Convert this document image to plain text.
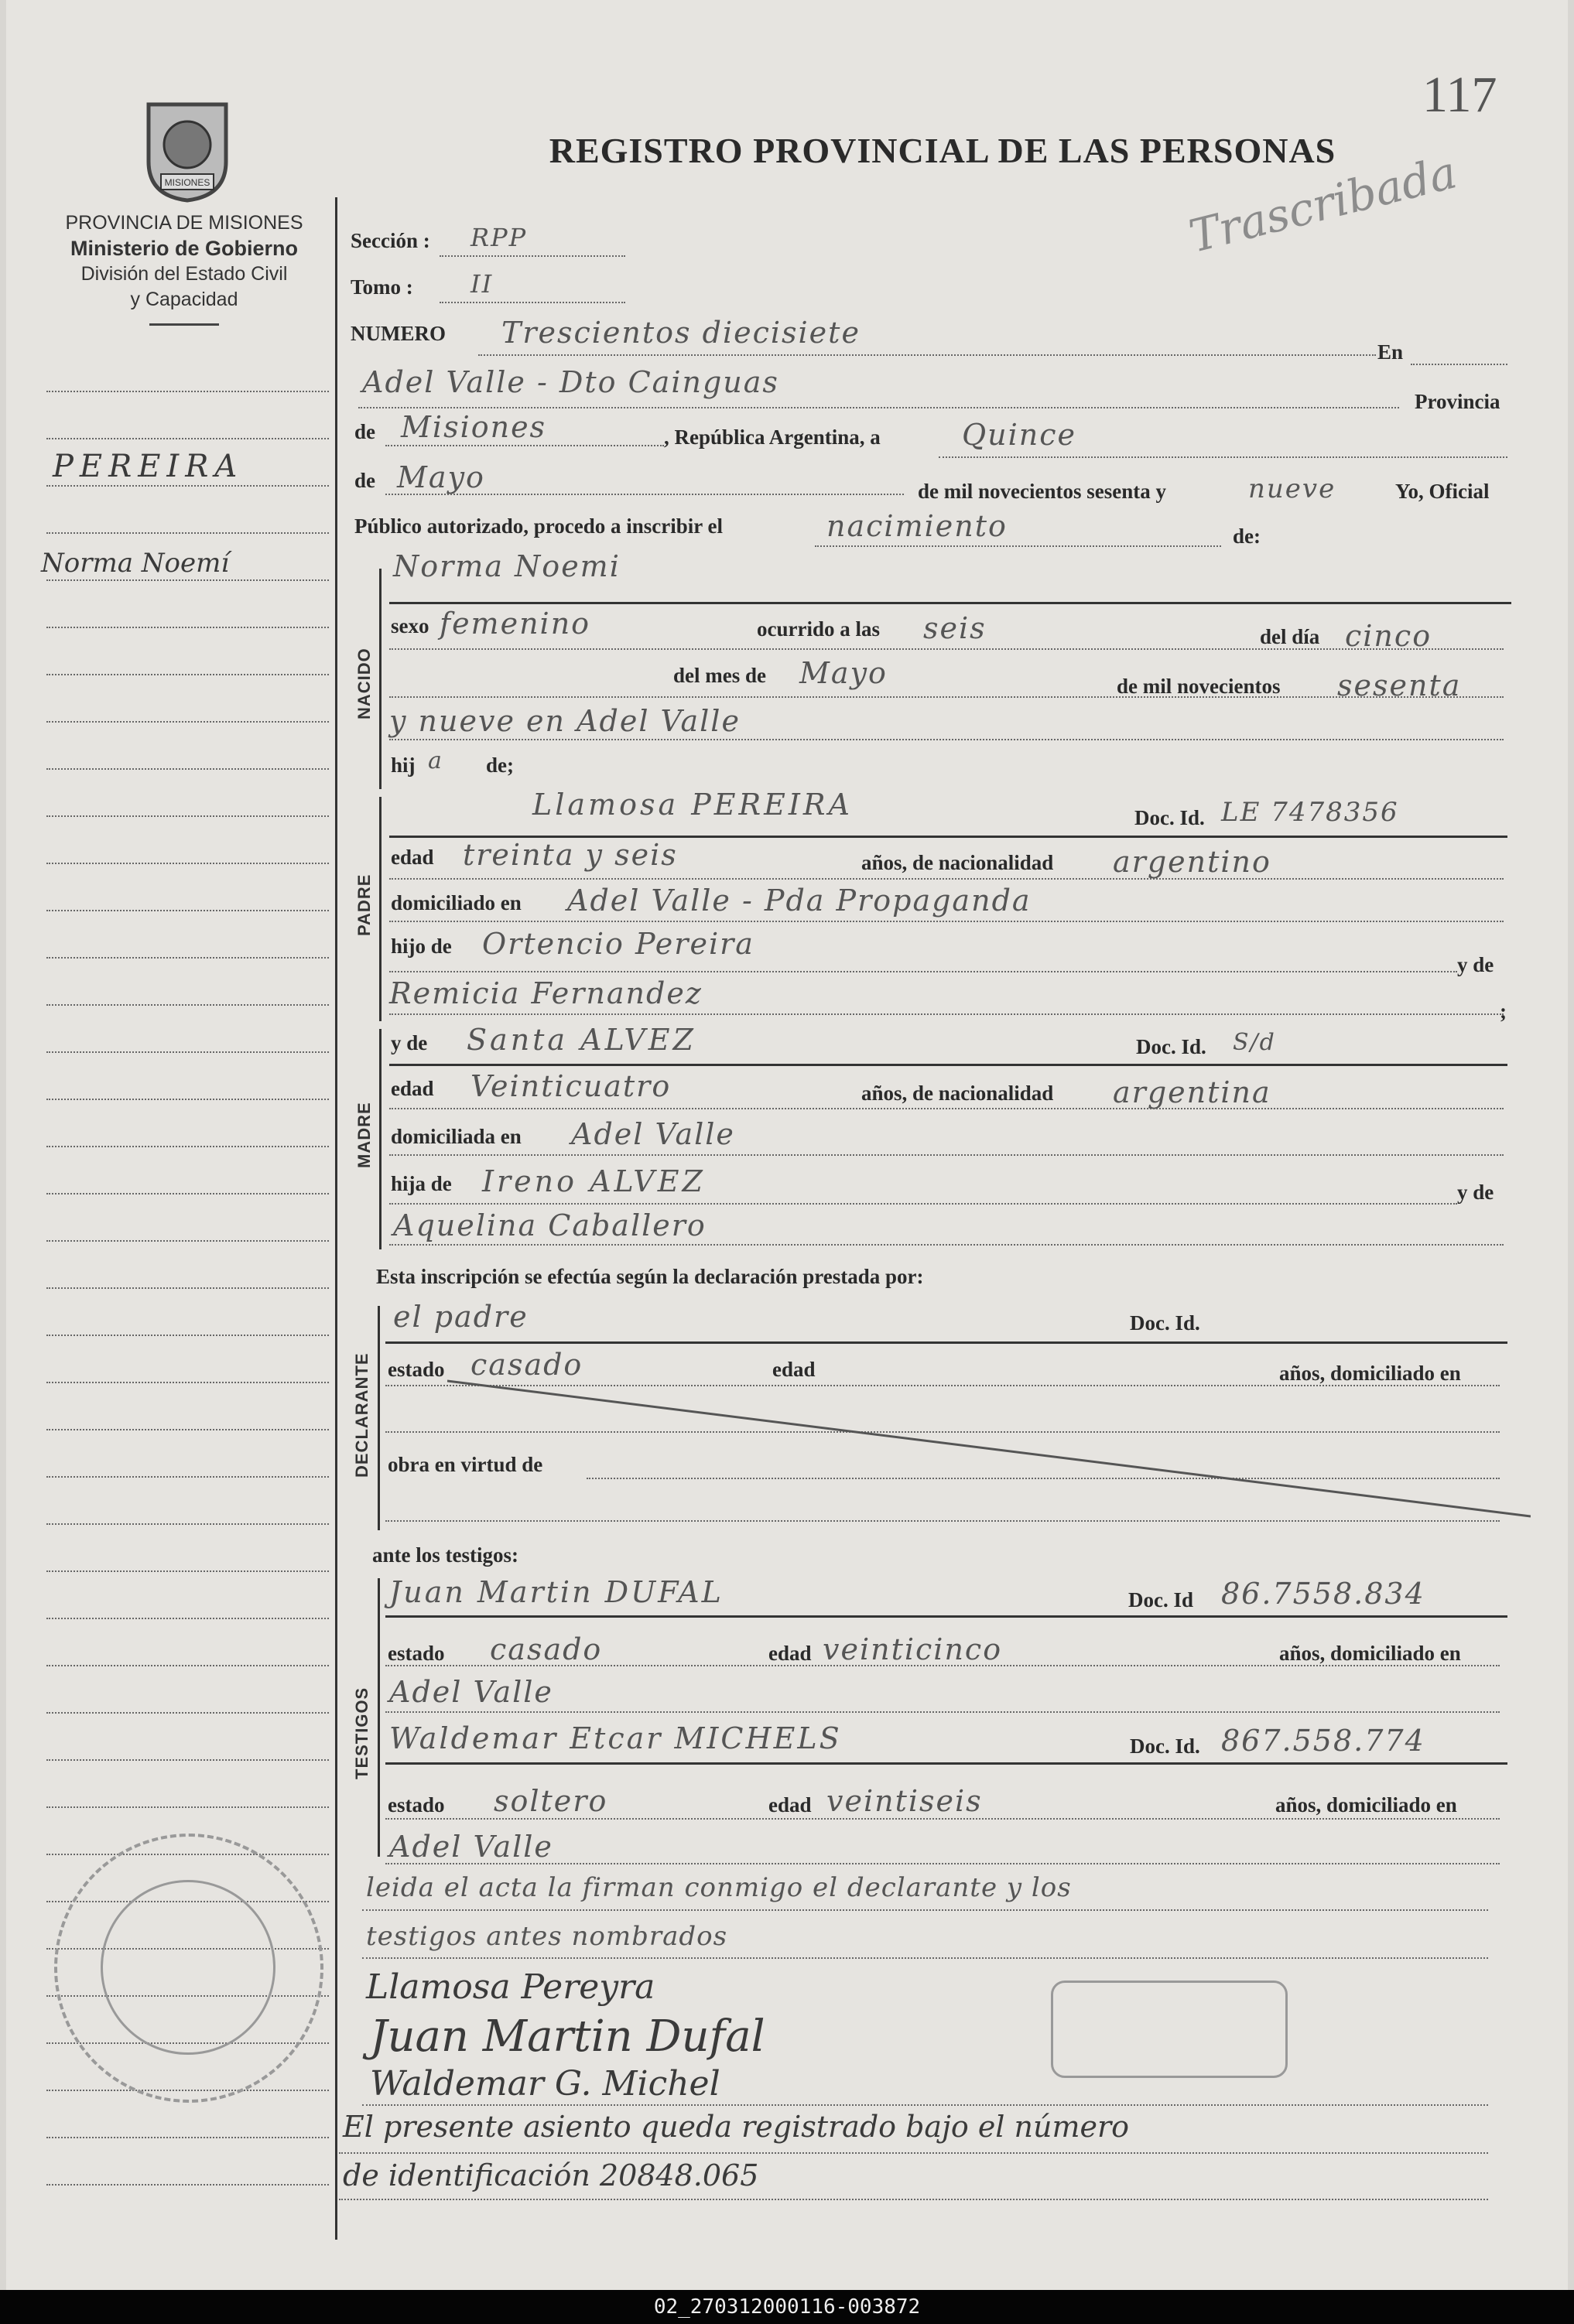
117
MISIONES
PROVINCIA DE MISIONES
Ministerio de Gobierno
División del Estado Civil
y Capacidad
REGISTRO PROVINCIAL DE LAS PERSONAS
Trascribada
PEREIRA
Norma Noemí
Sección : RPP
Tomo : II
NUMERO Trescientos diecisiete
En
Adel Valle - Dto Cainguas
Provincia
de Misiones	, República Argentina, a	Quince
de Mayo	de mil novecientos sesenta y	nueve	Yo, Oficial
Público autorizado, procedo a inscribir el	nacimiento	de:
NACIDO
Norma Noemi
sexo femenino	ocurrido a las seis	del día cinco
del mes de Mayo	de mil novecientos sesenta
y nueve en Adel Valle
hij a de;
PADRE
Llamosa PEREIRA	Doc. Id. LE 7478356
edad treinta y seis	años, de nacionalidad argentino
domiciliado en Adel Valle - Pda Propaganda
hijo de Ortencio Pereira
y de
Remicia Fernandez
;
MADRE
y de Santa ALVEZ	Doc. Id. S/d
edad Veinticuatro	años, de nacionalidad argentina
domiciliada en Adel Valle
hija de Ireno ALVEZ	y de
Aquelina Caballero
Esta inscripción se efectúa según la declaración prestada por:
DECLARANTE
el padre	Doc. Id.
estado casado	edad	años, domiciliado en
obra en virtud de
ante los testigos:
TESTIGOS
Juan Martin DUFAL	Doc. Id 86.7558.834
estado casado	edad veinticinco	años, domiciliado en
Adel Valle
Waldemar Etcar MICHELS	Doc. Id. 867.558.774
estado soltero	edad veintiseis	años, domiciliado en
Adel Valle
leida el acta la firman conmigo el declarante y los
testigos antes nombrados
Llamosa Pereyra
Juan Martin Dufal
Waldemar G. Michel
El presente asiento queda registrado bajo el número
de identificación 20848.065
02_270312000116-003872
